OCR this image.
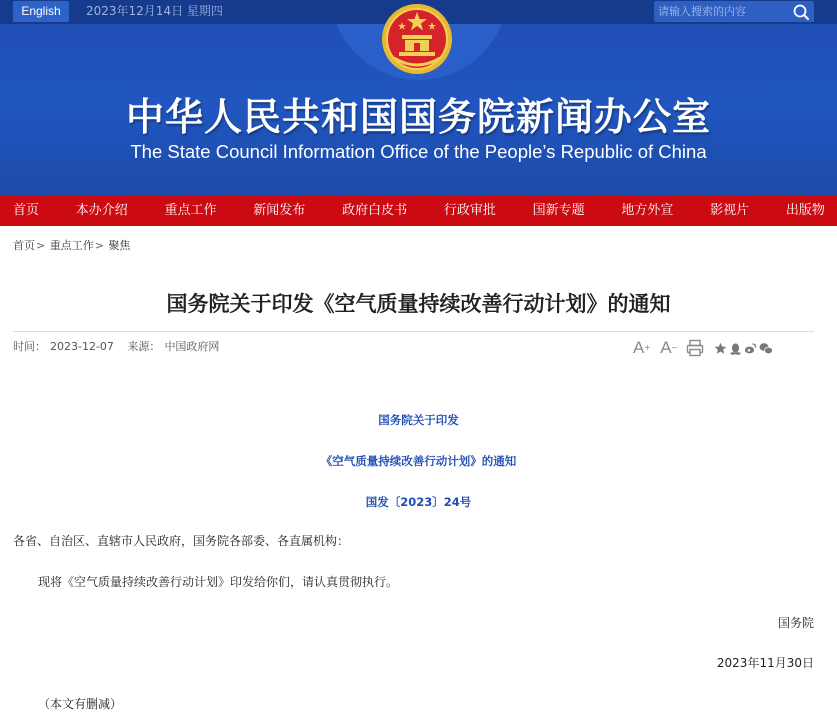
English	2023年12月14日 星期四
请输入搜索的内容
中华人民共和国国务院新闻办公室
The State Council Information Office of the People’s Republic of China
首页	本办介绍	重点工作	新闻发布	政府白皮书	行政审批	国新专题	地方外宣	影视片	出版物
首页> 重点工作> 聚焦
国务院关于印发《空气质量持续改善行动计划》的通知
时间： 2023-12-07 来源： 中国政府网	A + A −
国务院关于印发
《空气质量持续改善行动计划》的通知
国发〔2023〕24号
各省、自治区、直辖市人民政府，国务院各部委、各直属机构：
现将《空气质量持续改善行动计划》印发给你们，请认真贯彻执行。
国务院
2023年11月30日
（本文有删减）
